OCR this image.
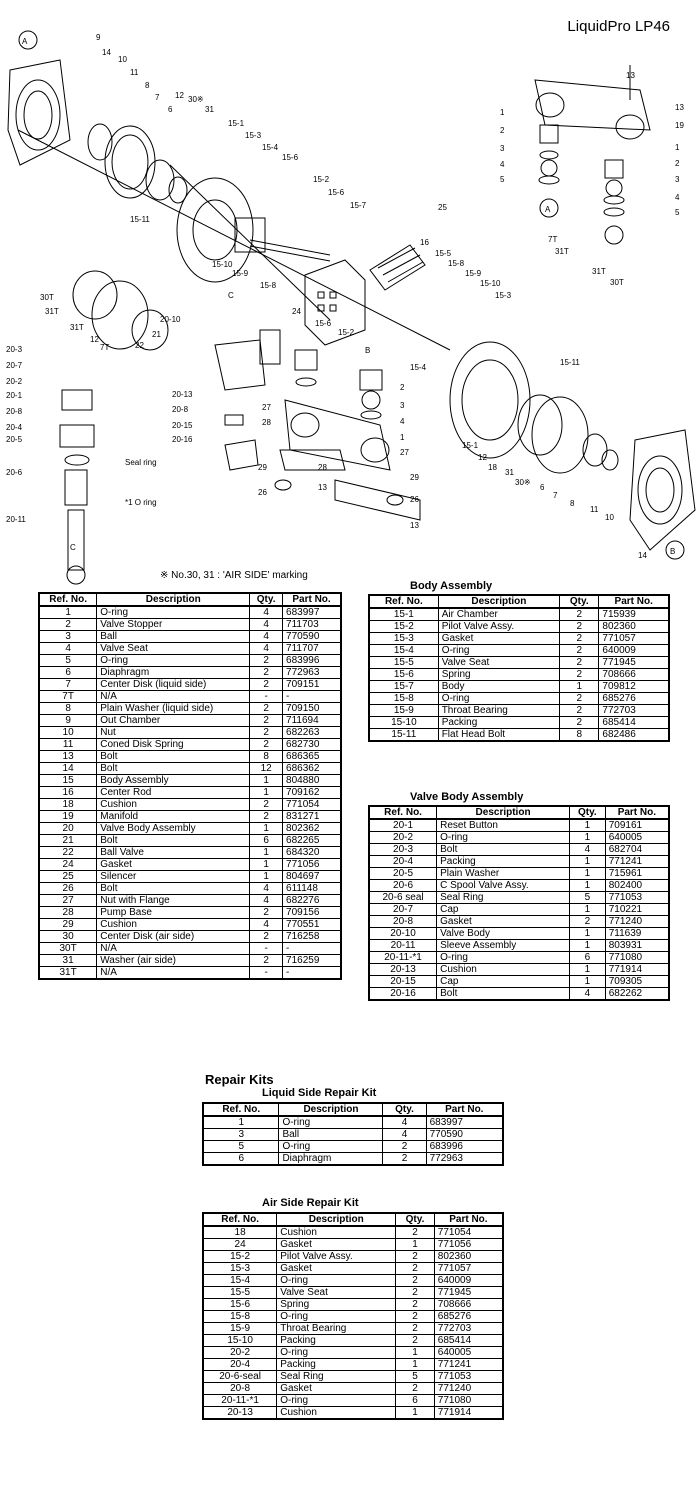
LiquidPro LP46
A	9
14
10
11
8
7
6
12 30※
31
15-1
15-3
15-4
15-6
15-2
15-6
15-7	25
15-11
15-10
15-9
15-8
C
16
15-5
15-8
15-9
15-10
15-3
15-6
15-2
B
15-4
15-11
13
13
19
1
2
3
4
5
A
1
2
3
4
5
7T
31T
31T
30T
30T
31T
31T
12
7T
20-10
21
22
24
20-3
20-7
20-2
20-1
20-8
20-4
20-5
20-6
Seal ring
*1 O ring
20-11
C
20-13
20-8
20-15
20-16
27
28
29
26
13
28
2
3
4
1
27
29
26
13
15-1
12
18
31
30※
6
7
8
11
10
14	B
※ No.30, 31 : 'AIR SIDE' marking
Ref. No.	Description	Qty.	Part No.
1	O-ring	4	683997
2	Valve Stopper	4	711703
3	Ball	4	770590
4	Valve Seat	4	711707
5	O-ring	2	683996
6	Diaphragm	2	772963
7	Center Disk (liquid side)	2	709151
7T	N/A	-	-
8	Plain Washer (liquid side)	2	709150
9	Out Chamber	2	711694
10	Nut	2	682263
11	Coned Disk Spring	2	682730
13	Bolt	8	686365
14	Bolt	12	686362
15	Body Assembly	1	804880
16	Center Rod	1	709162
18	Cushion	2	771054
19	Manifold	2	831271
20	Valve Body Assembly	1	802362
21	Bolt	6	682265
22	Ball Valve	1	684320
24	Gasket	1	771056
25	Silencer	1	804697
26	Bolt	4	611148
27	Nut with Flange	4	682276
28	Pump Base	2	709156
29	Cushion	4	770551
30	Center Disk (air side)	2	716258
30T	N/A	-	-
31	Washer (air side)	2	716259
31T	N/A	-	-
Body Assembly
Ref. No.	Description	Qty.	Part No.
15-1	Air Chamber	2	715939
15-2	Pilot Valve Assy.	2	802360
15-3	Gasket	2	771057
15-4	O-ring	2	640009
15-5	Valve Seat	2	771945
15-6	Spring	2	708666
15-7	Body	1	709812
15-8	O-ring	2	685276
15-9	Throat Bearing	2	772703
15-10	Packing	2	685414
15-11	Flat Head Bolt	8	682486
Valve Body Assembly
Ref. No.	Description	Qty.	Part No.
20-1	Reset Button	1	709161
20-2	O-ring	1	640005
20-3	Bolt	4	682704
20-4	Packing	1	771241
20-5	Plain Washer	1	715961
20-6	C Spool Valve Assy.	1	802400
20-6 seal	Seal Ring	5	771053
20-7	Cap	1	710221
20-8	Gasket	2	771240
20-10	Valve Body	1	711639
20-11	Sleeve Assembly	1	803931
20-11-*1	O-ring	6	771080
20-13	Cushion	1	771914
20-15	Cap	1	709305
20-16	Bolt	4	682262
Repair Kits
Liquid Side Repair Kit
Ref. No.	Description	Qty.	Part No.
1	O-ring	4	683997
3	Ball	4	770590
5	O-ring	2	683996
6	Diaphragm	2	772963
Air Side Repair Kit
Ref. No.	Description	Qty.	Part No.
18	Cushion	2	771054
24	Gasket	1	771056
15-2	Pilot Valve Assy.	2	802360
15-3	Gasket	2	771057
15-4	O-ring	2	640009
15-5	Valve Seat	2	771945
15-6	Spring	2	708666
15-8	O-ring	2	685276
15-9	Throat Bearing	2	772703
15-10	Packing	2	685414
20-2	O-ring	1	640005
20-4	Packing	1	771241
20-6-seal	Seal Ring	5	771053
20-8	Gasket	2	771240
20-11-*1	O-ring	6	771080
20-13	Cushion	1	771914
